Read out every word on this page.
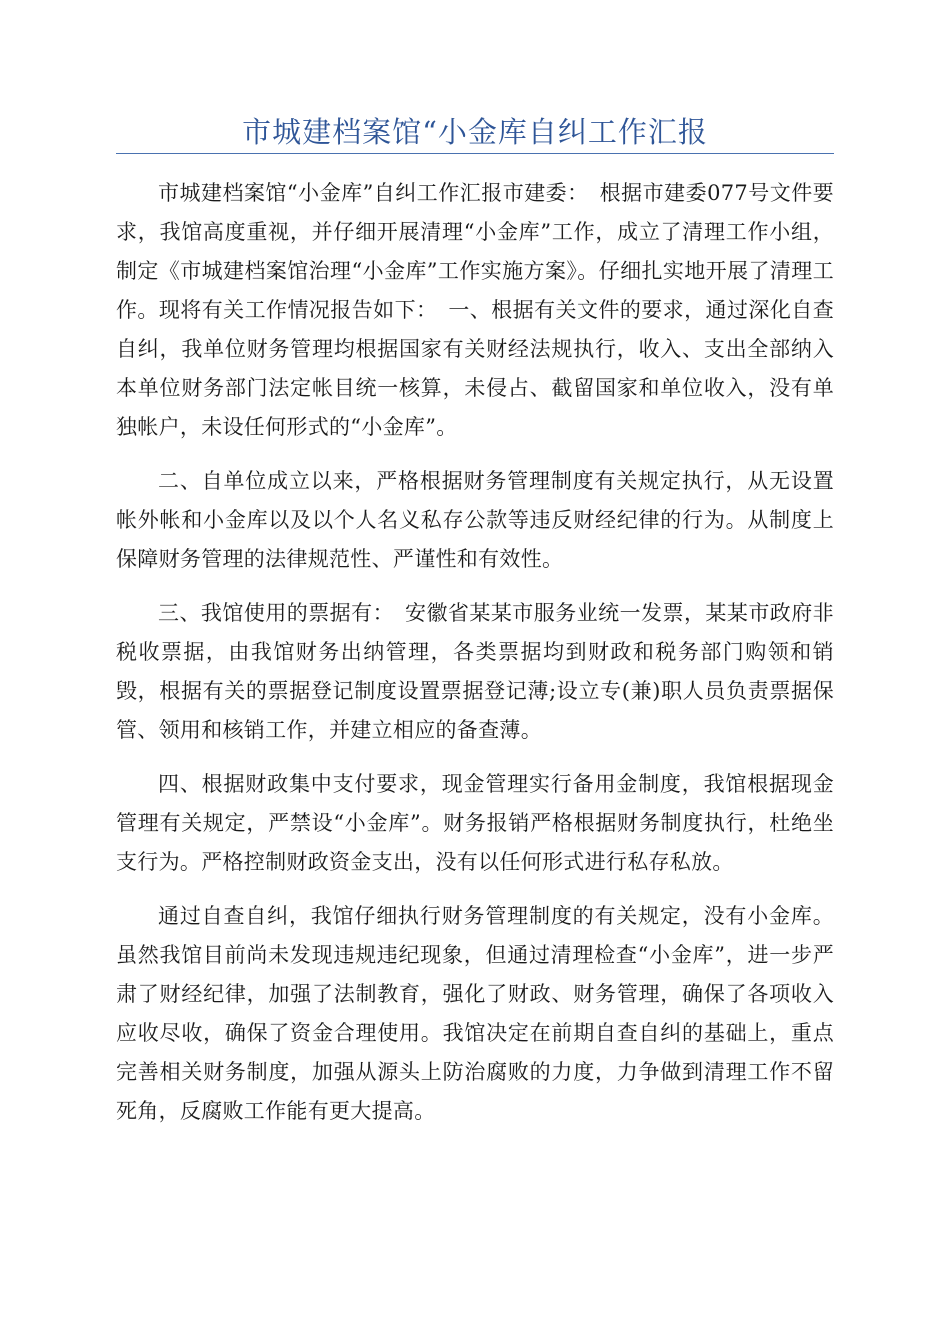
市城建档案馆“小金库自纠工作汇报

市城建档案馆“小金库”自纠工作汇报市建委：　根据市建委077号文件要求，我馆高度重视，并仔细开展清理“小金库”工作，成立了清理工作小组，制定《市城建档案馆治理“小金库”工作实施方案》。仔细扎实地开展了清理工作。现将有关工作情况报告如下：　一、根据有关文件的要求，通过深化自查自纠，我单位财务管理均根据国家有关财经法规执行，收入、支出全部纳入本单位财务部门法定帐目统一核算，未侵占、截留国家和单位收入，没有单独帐户，未设任何形式的“小金库”。

二、自单位成立以来，严格根据财务管理制度有关规定执行，从无设置帐外帐和小金库以及以个人名义私存公款等违反财经纪律的行为。从制度上保障财务管理的法律规范性、严谨性和有效性。

三、我馆使用的票据有：　安徽省某某市服务业统一发票，某某市政府非税收票据，由我馆财务出纳管理，各类票据均到财政和税务部门购领和销毁，根据有关的票据登记制度设置票据登记薄;设立专(兼)职人员负责票据保管、领用和核销工作，并建立相应的备查薄。

四、根据财政集中支付要求，现金管理实行备用金制度，我馆根据现金管理有关规定，严禁设“小金库”。财务报销严格根据财务制度执行，杜绝坐支行为。严格控制财政资金支出，没有以任何形式进行私存私放。

通过自查自纠，我馆仔细执行财务管理制度的有关规定，没有小金库。虽然我馆目前尚未发现违规违纪现象，但通过清理检查“小金库”，进一步严肃了财经纪律，加强了法制教育，强化了财政、财务管理，确保了各项收入应收尽收，确保了资金合理使用。我馆决定在前期自查自纠的基础上，重点完善相关财务制度，加强从源头上防治腐败的力度，力争做到清理工作不留死角，反腐败工作能有更大提高。
